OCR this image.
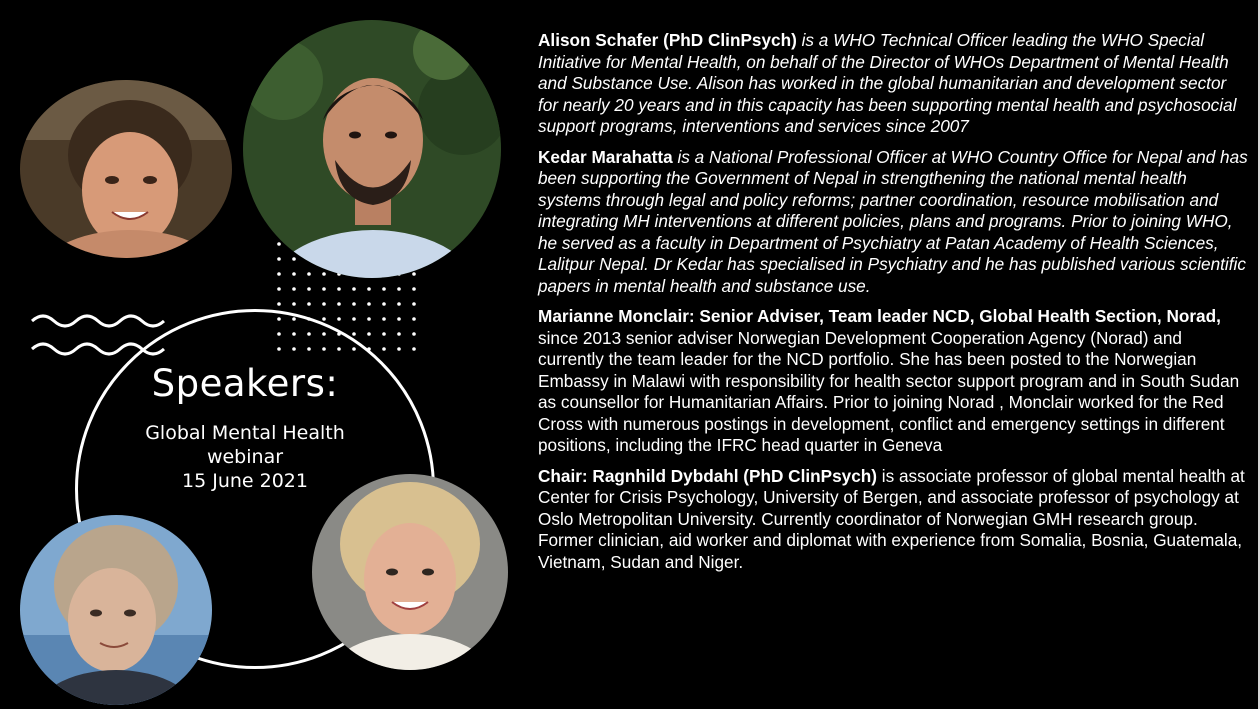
Speakers:
Global Mental Health
webinar
15 June 2021

Alison Schafer (PhD ClinPsych) is a WHO Technical Officer leading the WHO Special Initiative for Mental Health, on behalf of the Director of WHOs Department of Mental Health and Substance Use. Alison has worked in the global humanitarian and development sector for nearly 20 years and in this capacity has been supporting mental health and psychosocial support programs, interventions and services since 2007

Kedar Marahatta is a National Professional Officer at WHO Country Office for Nepal and has been supporting the Government of Nepal in strengthening the national mental health systems through legal and policy reforms; partner coordination, resource mobilisation and integrating MH interventions at different policies, plans and programs. Prior to joining WHO, he served as a faculty in Department of Psychiatry at Patan Academy of Health Sciences, Lalitpur Nepal. Dr Kedar has specialised in Psychiatry and he has published various scientific papers in mental health and substance use.

Marianne Monclair: Senior Adviser, Team leader NCD, Global Health Section, Norad, since 2013 senior adviser Norwegian Development Cooperation Agency (Norad) and currently the team leader for the NCD portfolio. She has been posted to the Norwegian Embassy in Malawi with responsibility for health sector support program and in South Sudan as counsellor for Humanitarian Affairs. Prior to joining Norad , Monclair worked for the Red Cross with numerous postings in development, conflict and emergency settings in different positions, including the IFRC head quarter in Geneva

Chair: Ragnhild Dybdahl (PhD ClinPsych) is associate professor of global mental health at Center for Crisis Psychology, University of Bergen, and associate professor of psychology at Oslo Metropolitan University. Currently coordinator of Norwegian GMH research group. Former clinician, aid worker and diplomat with experience from Somalia, Bosnia, Guatemala, Vietnam, Sudan and Niger.
